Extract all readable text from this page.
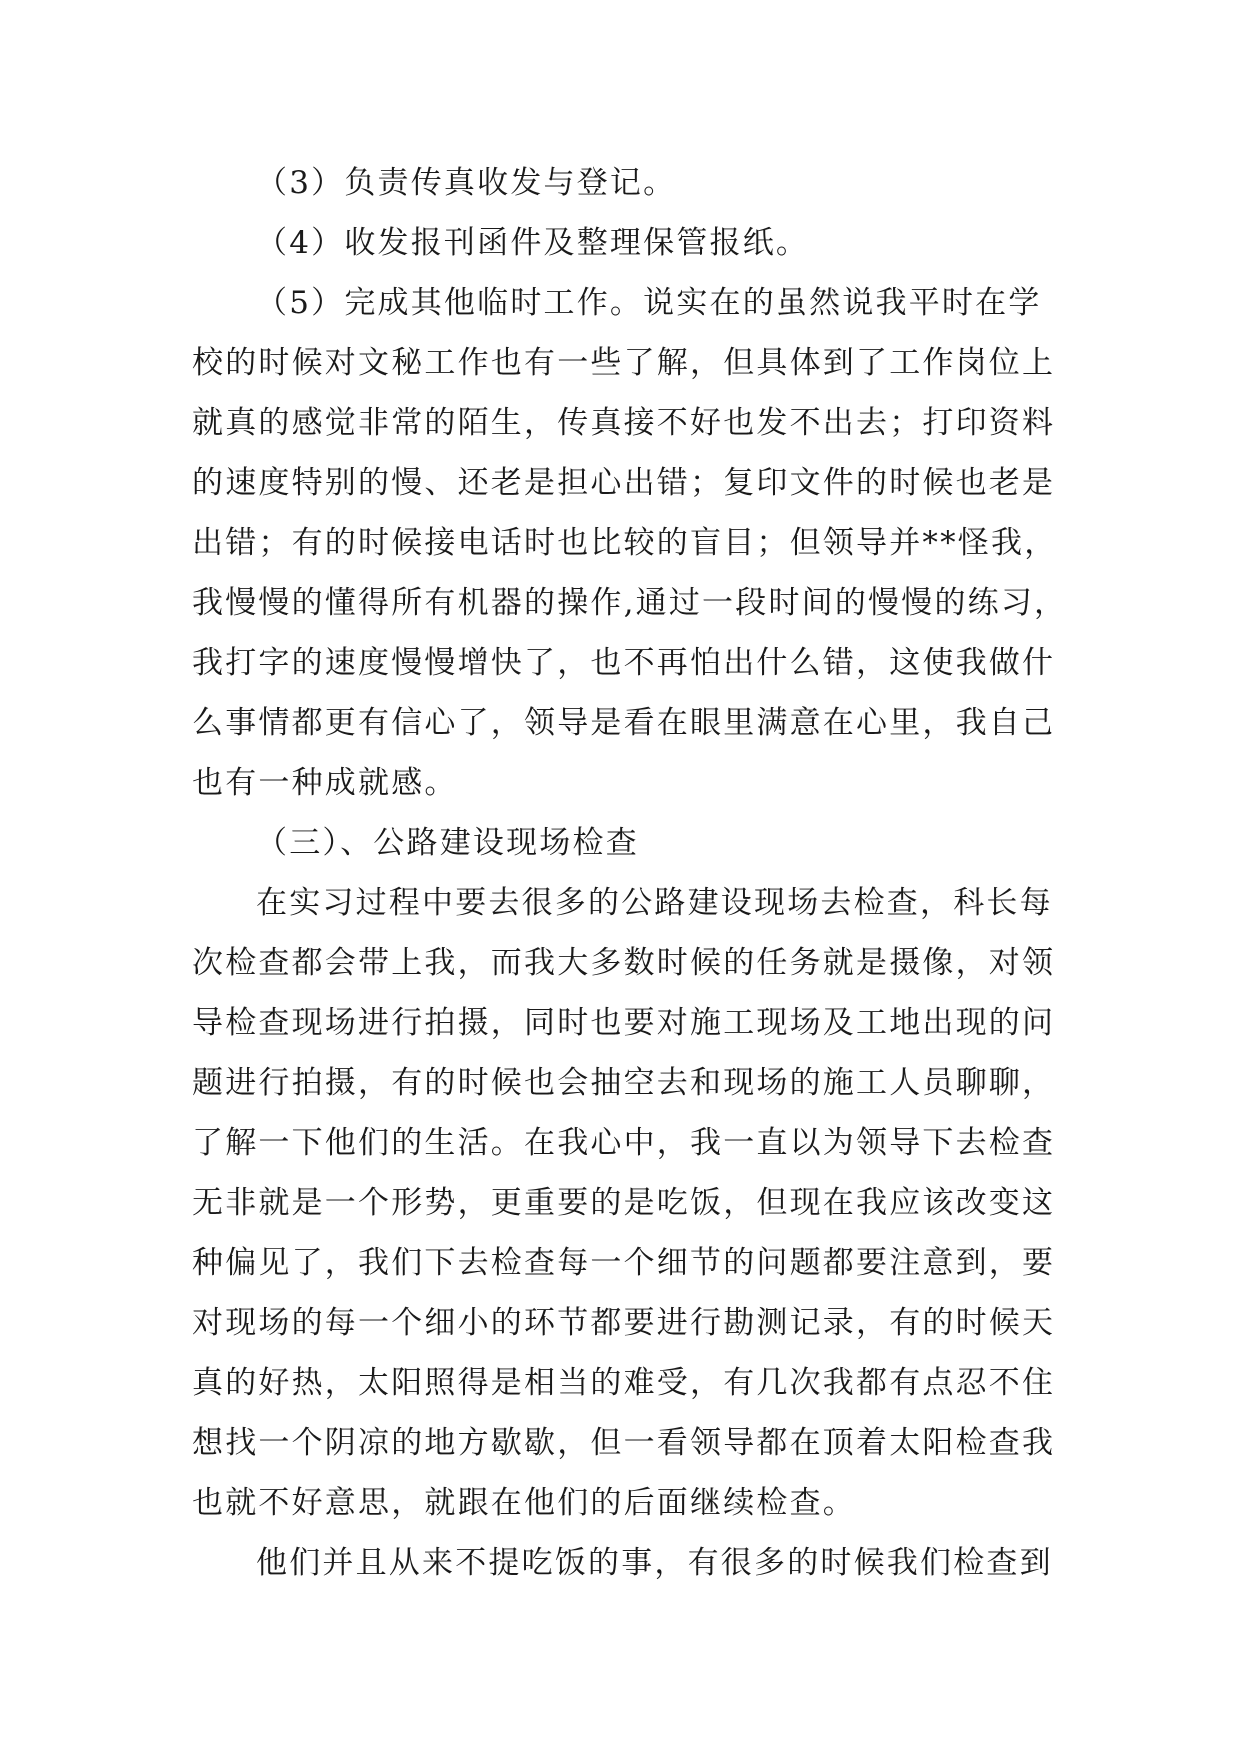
（3）负责传真收发与登记。
（4）收发报刊函件及整理保管报纸。
（5）完成其他临时工作。说实在的虽然说我平时在学
校的时候对文秘工作也有一些了解，但具体到了工作岗位上
就真的感觉非常的陌生，传真接不好也发不出去；打印资料
的速度特别的慢、还老是担心出错；复印文件的时候也老是
出错；有的时候接电话时也比较的盲目；但领导并**怪我，
我慢慢的懂得所有机器的操作,通过一段时间的慢慢的练习，
我打字的速度慢慢增快了，也不再怕出什么错，这使我做什
么事情都更有信心了，领导是看在眼里满意在心里，我自己
也有一种成就感。
（三）、公路建设现场检查
在实习过程中要去很多的公路建设现场去检查，科长每
次检查都会带上我，而我大多数时候的任务就是摄像，对领
导检查现场进行拍摄，同时也要对施工现场及工地出现的问
题进行拍摄，有的时候也会抽空去和现场的施工人员聊聊，
了解一下他们的生活。在我心中，我一直以为领导下去检查
无非就是一个形势，更重要的是吃饭，但现在我应该改变这
种偏见了，我们下去检查每一个细节的问题都要注意到，要
对现场的每一个细小的环节都要进行勘测记录，有的时候天
真的好热，太阳照得是相当的难受，有几次我都有点忍不住
想找一个阴凉的地方歇歇，但一看领导都在顶着太阳检查我
也就不好意思，就跟在他们的后面继续检查。
他们并且从来不提吃饭的事，有很多的时候我们检查到
